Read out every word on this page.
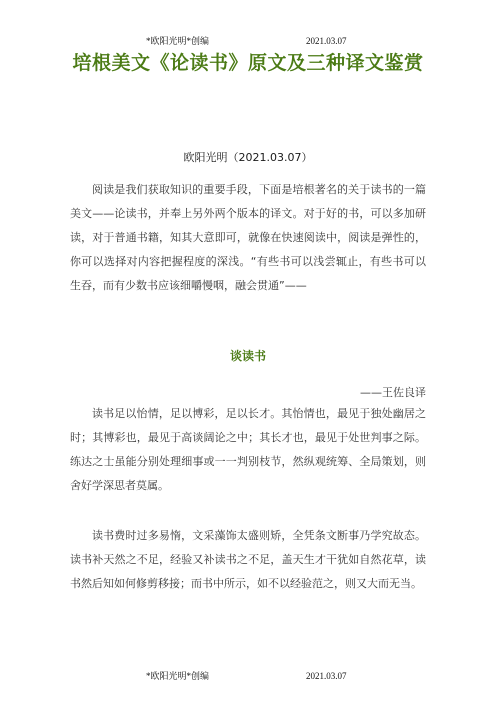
*欧阳光明*创编	2021.03.07
培根美文《论读书》原文及三种译文鉴赏
欧阳光明（2021.03.07）

阅读是我们获取知识的重要手段，下面是培根著名的关于读书的一篇美文——论读书，并奉上另外两个版本的译文。对于好的书，可以多加研读，对于普通书籍，知其大意即可，就像在快速阅读中，阅读是弹性的，你可以选择对内容把握程度的深浅。“有些书可以浅尝辄止，有些书可以生吞，而有少数书应该细嚼慢咽，融会贯通”——

谈读书
——王佐良译

读书足以怡情，足以博彩，足以长才。其怡情也，最见于独处幽居之时；其博彩也，最见于高谈阔论之中；其长才也，最见于处世判事之际。练达之士虽能分别处理细事或一一判别枝节，然纵观统筹、全局策划，则舍好学深思者莫属。

读书费时过多易惰，文采藻饰太盛则矫，全凭条文断事乃学究故态。读书补天然之不足，经验又补读书之不足，盖天生才干犹如自然花草，读书然后知如何修剪移接；而书中所示，如不以经验范之，则又大而无当。

*欧阳光明*创编	2021.03.07
